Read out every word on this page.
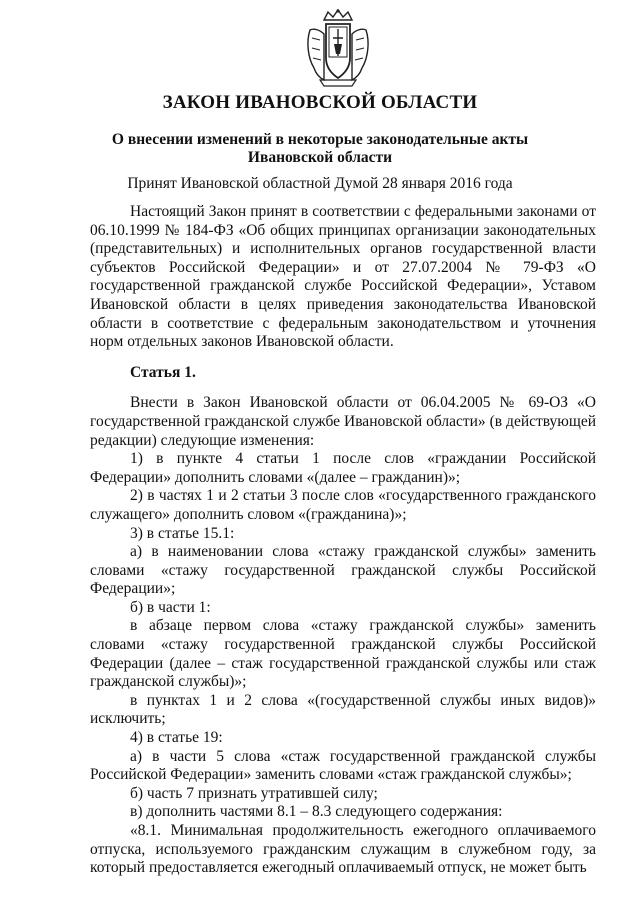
ЗАКОН ИВАНОВСКОЙ ОБЛАСТИ
О внесении изменений в некоторые законодательные акты
Ивановской области
Принят Ивановской областной Думой 28 января 2016 года

Настоящий Закон принят в соответствии с федеральными законами от 06.10.1999 № 184-ФЗ «Об общих принципах организации законодательных (представительных) и исполнительных органов государственной власти субъектов Российской Федерации» и от 27.07.2004 № 79-ФЗ «О государственной гражданской службе Российской Федерации», Уставом Ивановской области в целях приведения законодательства Ивановской области в соответствие с федеральным законодательством и уточнения норм отдельных законов Ивановской области.

Статья 1.

Внести в Закон Ивановской области от 06.04.2005 № 69-ОЗ «О государственной гражданской службе Ивановской области» (в действующей редакции) следующие изменения:

1) в пункте 4 статьи 1 после слов «граждании Российской Федерации» дополнить словами «(далее – гражданин)»;

2) в частях 1 и 2 статьи 3 после слов «государственного гражданского служащего» дополнить словом «(гражданина)»;

3) в статье 15.1:

а) в наименовании слова «стажу гражданской службы» заменить словами «стажу государственной гражданской службы Российской Федерации»;

б) в части 1:

в абзаце первом слова «стажу гражданской службы» заменить словами «стажу государственной гражданской службы Российской Федерации (далее – стаж государственной гражданской службы или стаж гражданской службы)»;

в пунктах 1 и 2 слова «(государственной службы иных видов)» исключить;

4) в статье 19:

а) в части 5 слова «стаж государственной гражданской службы Российской Федерации» заменить словами «стаж гражданской службы»;

б) часть 7 признать утратившей силу;

в) дополнить частями 8.1 – 8.3 следующего содержания:

«8.1. Минимальная продолжительность ежегодного оплачиваемого отпуска, используемого гражданским служащим в служебном году, за который предоставляется ежегодный оплачиваемый отпуск, не может быть
